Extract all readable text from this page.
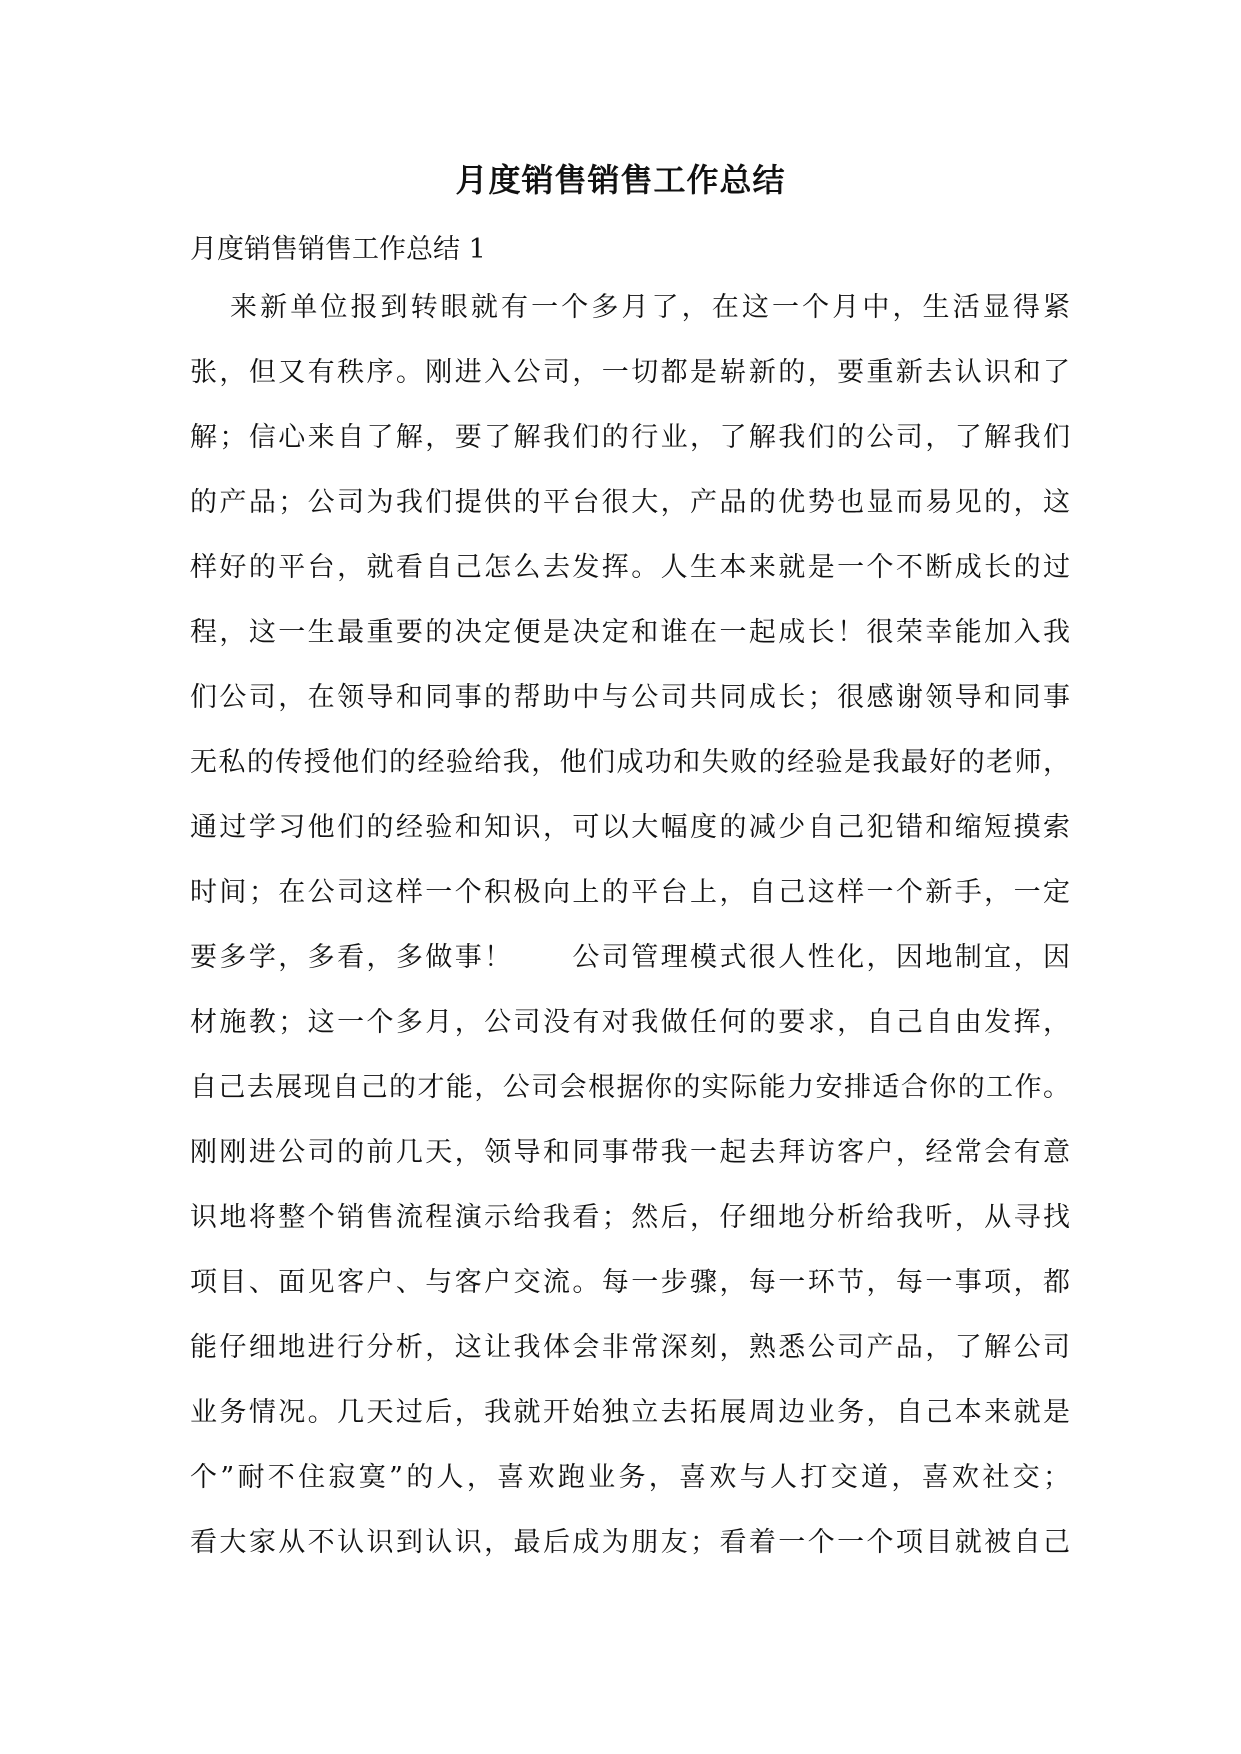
月度销售销售工作总结

月度销售销售工作总结 1

来新单位报到转眼就有一个多月了，在这一个月中，生活显得紧
张，但又有秩序。刚进入公司，一切都是崭新的，要重新去认识和了
解；信心来自了解，要了解我们的行业，了解我们的公司，了解我们
的产品；公司为我们提供的平台很大，产品的优势也显而易见的，这
样好的平台，就看自己怎么去发挥。人生本来就是一个不断成长的过
程，这一生最重要的决定便是决定和谁在一起成长！很荣幸能加入我
们公司，在领导和同事的帮助中与公司共同成长；很感谢领导和同事
无私的传授他们的经验给我，他们成功和失败的经验是我最好的老师，
通过学习他们的经验和知识，可以大幅度的减少自己犯错和缩短摸索
时间；在公司这样一个积极向上的平台上，自己这样一个新手，一定
要多学，多看，多做事！　　公司管理模式很人性化，因地制宜，因
材施教；这一个多月，公司没有对我做任何的要求，自己自由发挥，
自己去展现自己的才能，公司会根据你的实际能力安排适合你的工作。
刚刚进公司的前几天，领导和同事带我一起去拜访客户，经常会有意
识地将整个销售流程演示给我看；然后，仔细地分析给我听，从寻找
项目、面见客户、与客户交流。每一步骤，每一环节，每一事项，都
能仔细地进行分析，这让我体会非常深刻，熟悉公司产品，了解公司
业务情况。几天过后，我就开始独立去拓展周边业务，自己本来就是
个”耐不住寂寞”的人，喜欢跑业务，喜欢与人打交道，喜欢社交；
看大家从不认识到认识，最后成为朋友；看着一个一个项目就被自己
